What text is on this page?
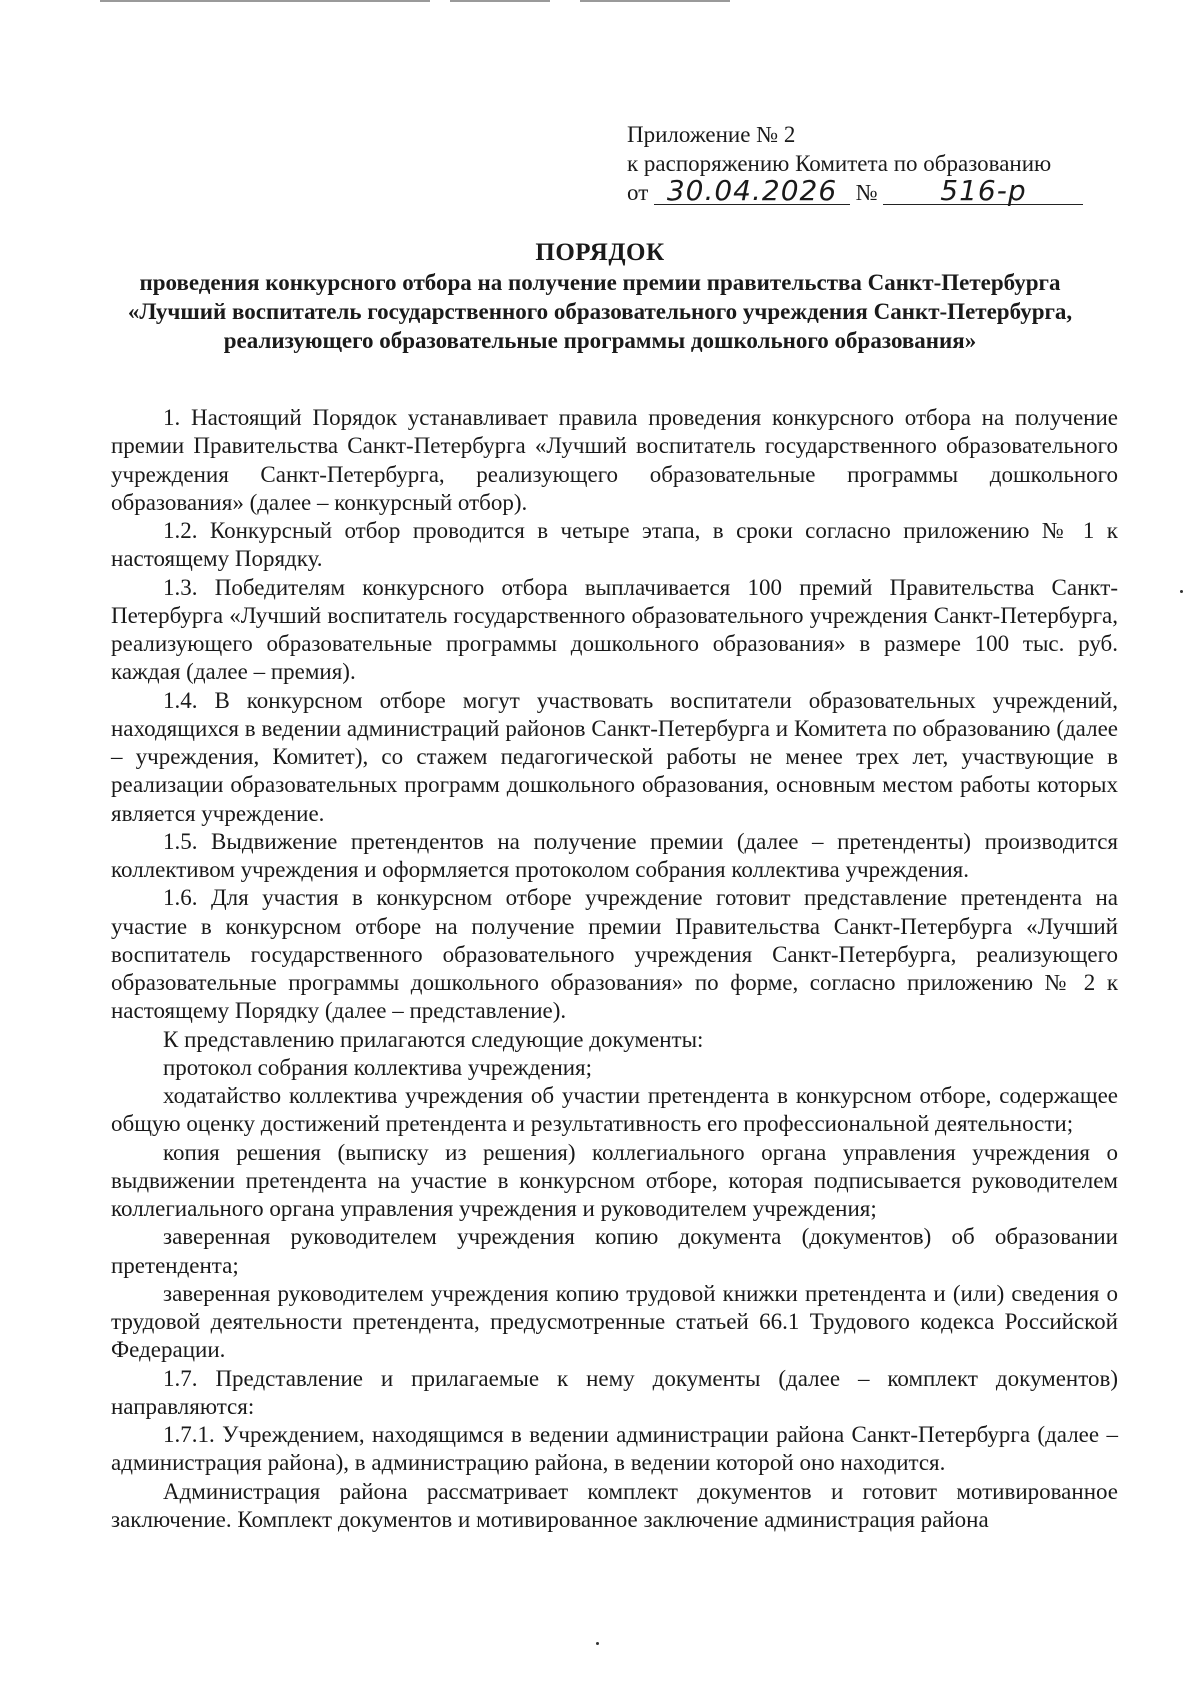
Приложение № 2
к распоряжению Комитета по образованию
от 30.04.2026 № 516-р
ПОРЯДОК
проведения конкурсного отбора на получение премии правительства Санкт-Петербурга «Лучший воспитатель государственного образовательного учреждения Санкт-Петербурга, реализующего образовательные программы дошкольного образования»

1. Настоящий Порядок устанавливает правила проведения конкурсного отбора на получение премии Правительства Санкт-Петербурга «Лучший воспитатель государственного образовательного учреждения Санкт-Петербурга, реализующего образовательные программы дошкольного образования» (далее – конкурсный отбор).

1.2. Конкурсный отбор проводится в четыре этапа, в сроки согласно приложению № 1 к настоящему Порядку.

1.3. Победителям конкурсного отбора выплачивается 100 премий Правительства Санкт-Петербурга «Лучший воспитатель государственного образовательного учреждения Санкт-Петербурга, реализующего образовательные программы дошкольного образования» в размере 100 тыс. руб. каждая (далее – премия).

1.4. В конкурсном отборе могут участвовать воспитатели образовательных учреждений, находящихся в ведении администраций районов Санкт-Петербурга и Комитета по образованию (далее – учреждения, Комитет), со стажем педагогической работы не менее трех лет, участвующие в реализации образовательных программ дошкольного образования, основным местом работы которых является учреждение.

1.5. Выдвижение претендентов на получение премии (далее – претенденты) производится коллективом учреждения и оформляется протоколом собрания коллектива учреждения.

1.6. Для участия в конкурсном отборе учреждение готовит представление претендента на участие в конкурсном отборе на получение премии Правительства Санкт-Петербурга «Лучший воспитатель государственного образовательного учреждения Санкт-Петербурга, реализующего образовательные программы дошкольного образования» по форме, согласно приложению № 2 к настоящему Порядку (далее – представление).

К представлению прилагаются следующие документы:

протокол собрания коллектива учреждения;

ходатайство коллектива учреждения об участии претендента в конкурсном отборе, содержащее общую оценку достижений претендента и результативность его профессиональной деятельности;

копия решения (выписку из решения) коллегиального органа управления учреждения о выдвижении претендента на участие в конкурсном отборе, которая подписывается руководителем коллегиального органа управления учреждения и руководителем учреждения;

заверенная руководителем учреждения копию документа (документов) об образовании претендента;

заверенная руководителем учреждения копию трудовой книжки претендента и (или) сведения о трудовой деятельности претендента, предусмотренные статьей 66.1 Трудового кодекса Российской Федерации.

1.7. Представление и прилагаемые к нему документы (далее – комплект документов) направляются:

1.7.1. Учреждением, находящимся в ведении администрации района Санкт-Петербурга (далее – администрация района), в администрацию района, в ведении которой оно находится.

Администрация района рассматривает комплект документов и готовит мотивированное заключение. Комплект документов и мотивированное заключение администрация района
